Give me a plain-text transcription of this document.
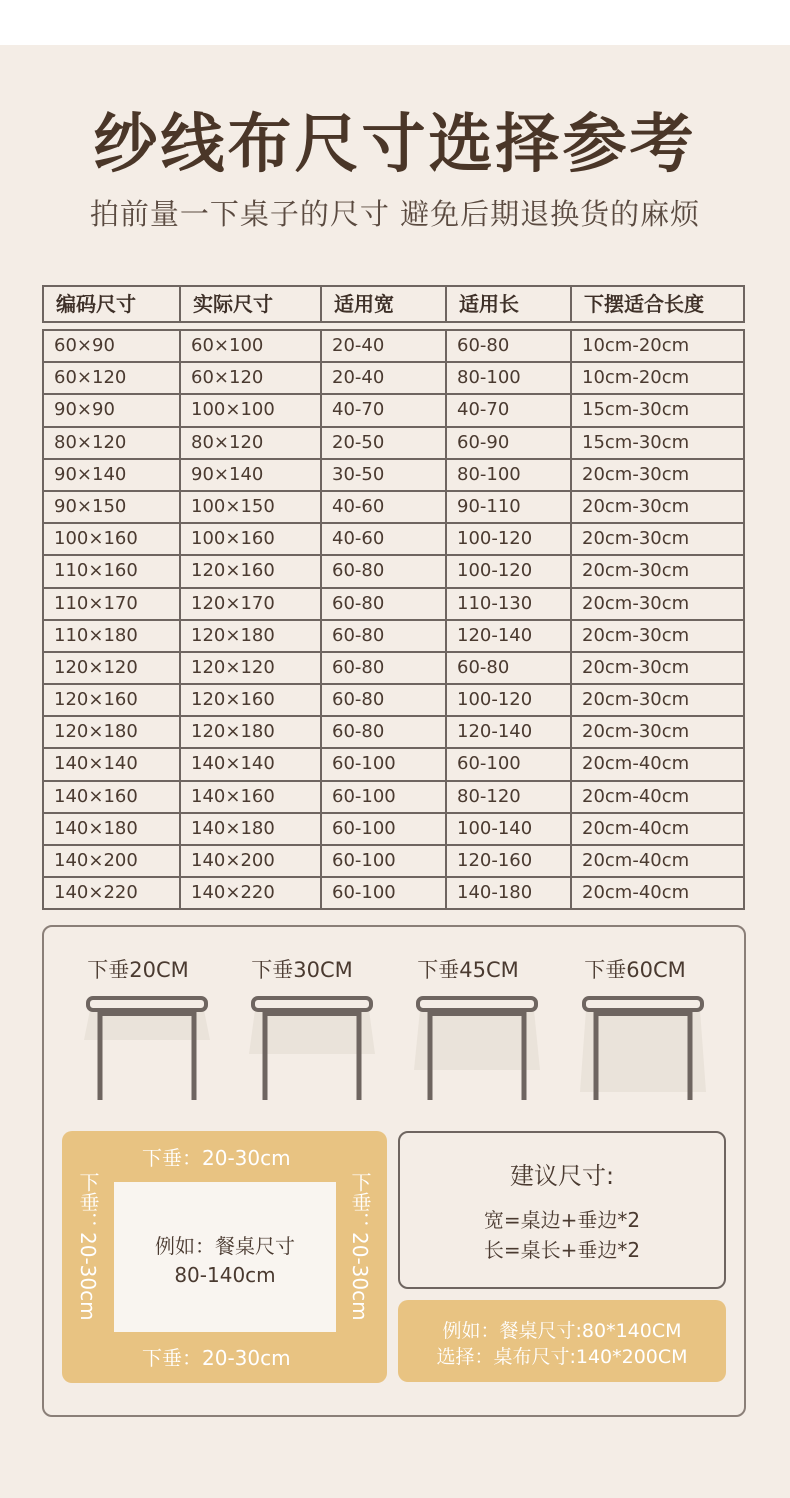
纱线布尺寸选择参考
拍前量一下桌子的尺寸 避免后期退换货的麻烦
编码尺寸	实际尺寸	适用宽	适用长	下摆适合长度
60×90	60×100	20-40	60-80	10cm-20cm
60×120	60×120	20-40	80-100	10cm-20cm
90×90	100×100	40-70	40-70	15cm-30cm
80×120	80×120	20-50	60-90	15cm-30cm
90×140	90×140	30-50	80-100	20cm-30cm
90×150	100×150	40-60	90-110	20cm-30cm
100×160	100×160	40-60	100-120	20cm-30cm
110×160	120×160	60-80	100-120	20cm-30cm
110×170	120×170	60-80	110-130	20cm-30cm
110×180	120×180	60-80	120-140	20cm-30cm
120×120	120×120	60-80	60-80	20cm-30cm
120×160	120×160	60-80	100-120	20cm-30cm
120×180	120×180	60-80	120-140	20cm-30cm
140×140	140×140	60-100	60-100	20cm-40cm
140×160	140×160	60-100	80-120	20cm-40cm
140×180	140×180	60-100	100-140	20cm-40cm
140×200	140×200	60-100	120-160	20cm-40cm
140×220	140×220	60-100	140-180	20cm-40cm
下垂20CM	下垂30CM	下垂45CM	下垂60CM
下垂：20-30cm
下垂：20-30cm
下垂：20-30cm	下垂：20-30cm
例如：餐桌尺寸
80-140cm
建议尺寸:
宽=桌边+垂边*2
长=桌长+垂边*2
例如：餐桌尺寸:80*140CM
选择：桌布尺寸:140*200CM
